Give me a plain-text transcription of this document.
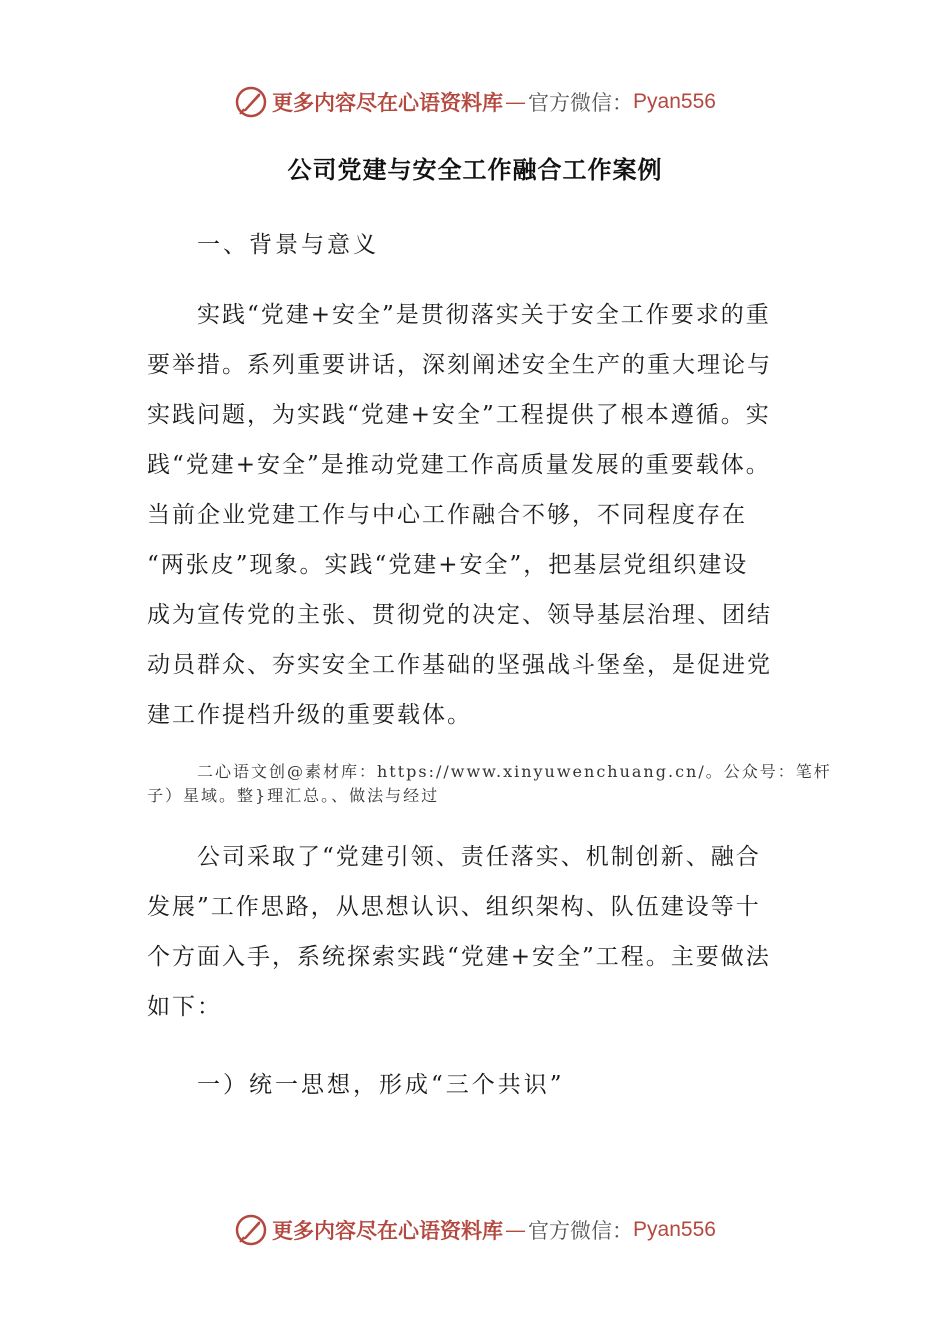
更多内容尽在心语资料库 — 官方微信： Pyan556
公司党建与安全工作融合工作案例
一、背景与意义
实践“党建+安全”是贯彻落实关于安全工作要求的重
要举措。系列重要讲话，深刻阐述安全生产的重大理论与
实践问题，为实践“党建+安全”工程提供了根本遵循。实
践“党建+安全”是推动党建工作高质量发展的重要载体。
当前企业党建工作与中心工作融合不够，不同程度存在
“两张皮”现象。实践“党建+安全”，把基层党组织建设
成为宣传党的主张、贯彻党的决定、领导基层治理、团结
动员群众、夯实安全工作基础的坚强战斗堡垒，是促进党
建工作提档升级的重要载体。
二心语文创@素材库：https://www.xinyuwenchuang.cn/。公众号：笔杆
子）星域。整}理汇总。、做法与经过
公司采取了“党建引领、责任落实、机制创新、融合
发展”工作思路，从思想认识、组织架构、队伍建设等十
个方面入手，系统探索实践“党建+安全”工程。主要做法
如下：
一）统一思想，形成“三个共识”
更多内容尽在心语资料库 — 官方微信： Pyan556
